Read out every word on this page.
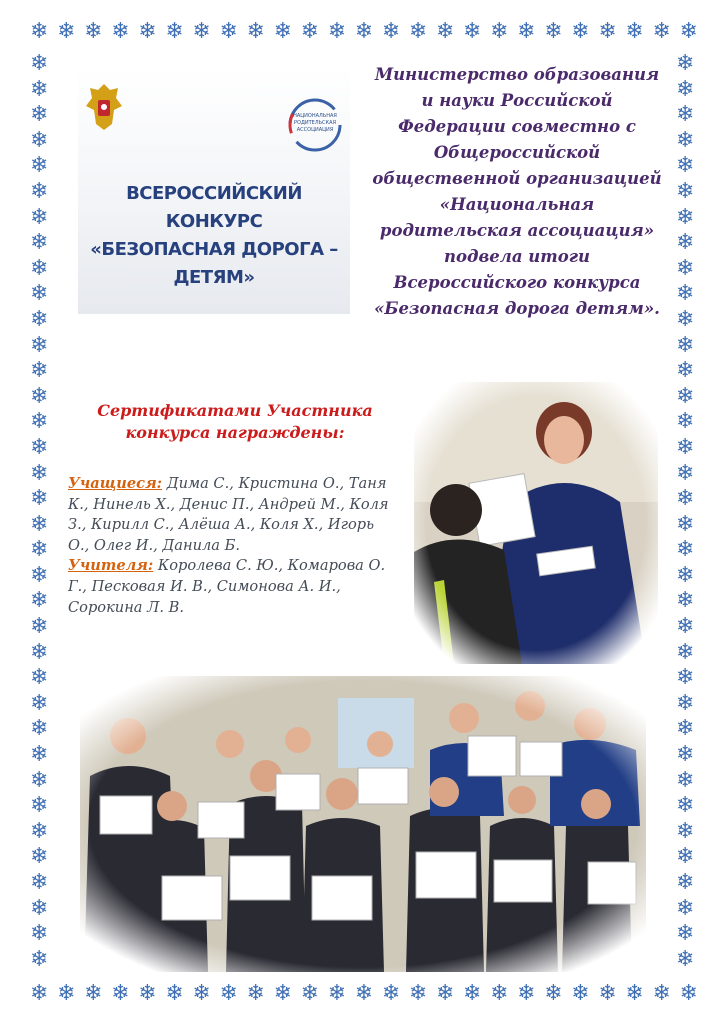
❄ ❄ ❄ ❄ ❄ ❄ ❄ ❄ ❄ ❄ ❄ ❄ ❄ ❄ ❄ ❄ ❄ ❄ ❄ ❄ ❄ ❄ ❄ ❄ ❄
❄ ❄ ❄ ❄ ❄ ❄ ❄ ❄ ❄ ❄ ❄ ❄ ❄ ❄ ❄ ❄ ❄ ❄ ❄ ❄ ❄ ❄ ❄ ❄ ❄
❄
❄
❄
❄
❄
❄
❄
❄
❄
❄
❄
❄
❄
❄
❄
❄
❄
❄
❄
❄
❄
❄
❄
❄
❄
❄
❄
❄
❄
❄
❄
❄
❄
❄
❄
❄
❄
❄
❄
❄
❄
❄
❄
❄
❄
❄
❄
❄
❄
❄
❄
❄
❄
❄
❄
❄
❄
❄
❄
❄
❄
❄
❄
❄
❄
❄
❄
❄
❄
❄
❄
❄
НАЦИОНАЛЬНАЯ
РОДИТЕЛЬСКАЯ
АССОЦИАЦИЯ
ВСЕРОССИЙСКИЙ КОНКУРС
«БЕЗОПАСНАЯ ДОРОГА –
ДЕТЯМ»

Министерство образования
и науки Российской
Федерации совместно с
Общероссийской
общественной организацией
«Национальная
родительская ассоциация»
подвела итоги
Всероссийского конкурса
«Безопасная дорога детям».

Сертификатами Участника
конкурса награждены:

Учащиеся: Дима С., Кристина О., Таня К., Нинель Х., Денис П., Андрей М., Коля З., Кирилл С., Алёша А., Коля Х., Игорь О., Олег И., Данила Б.
Учителя: Королева С. Ю., Комарова О. Г., Песковая И. В., Симонова А. И., Сорокина Л. В.
